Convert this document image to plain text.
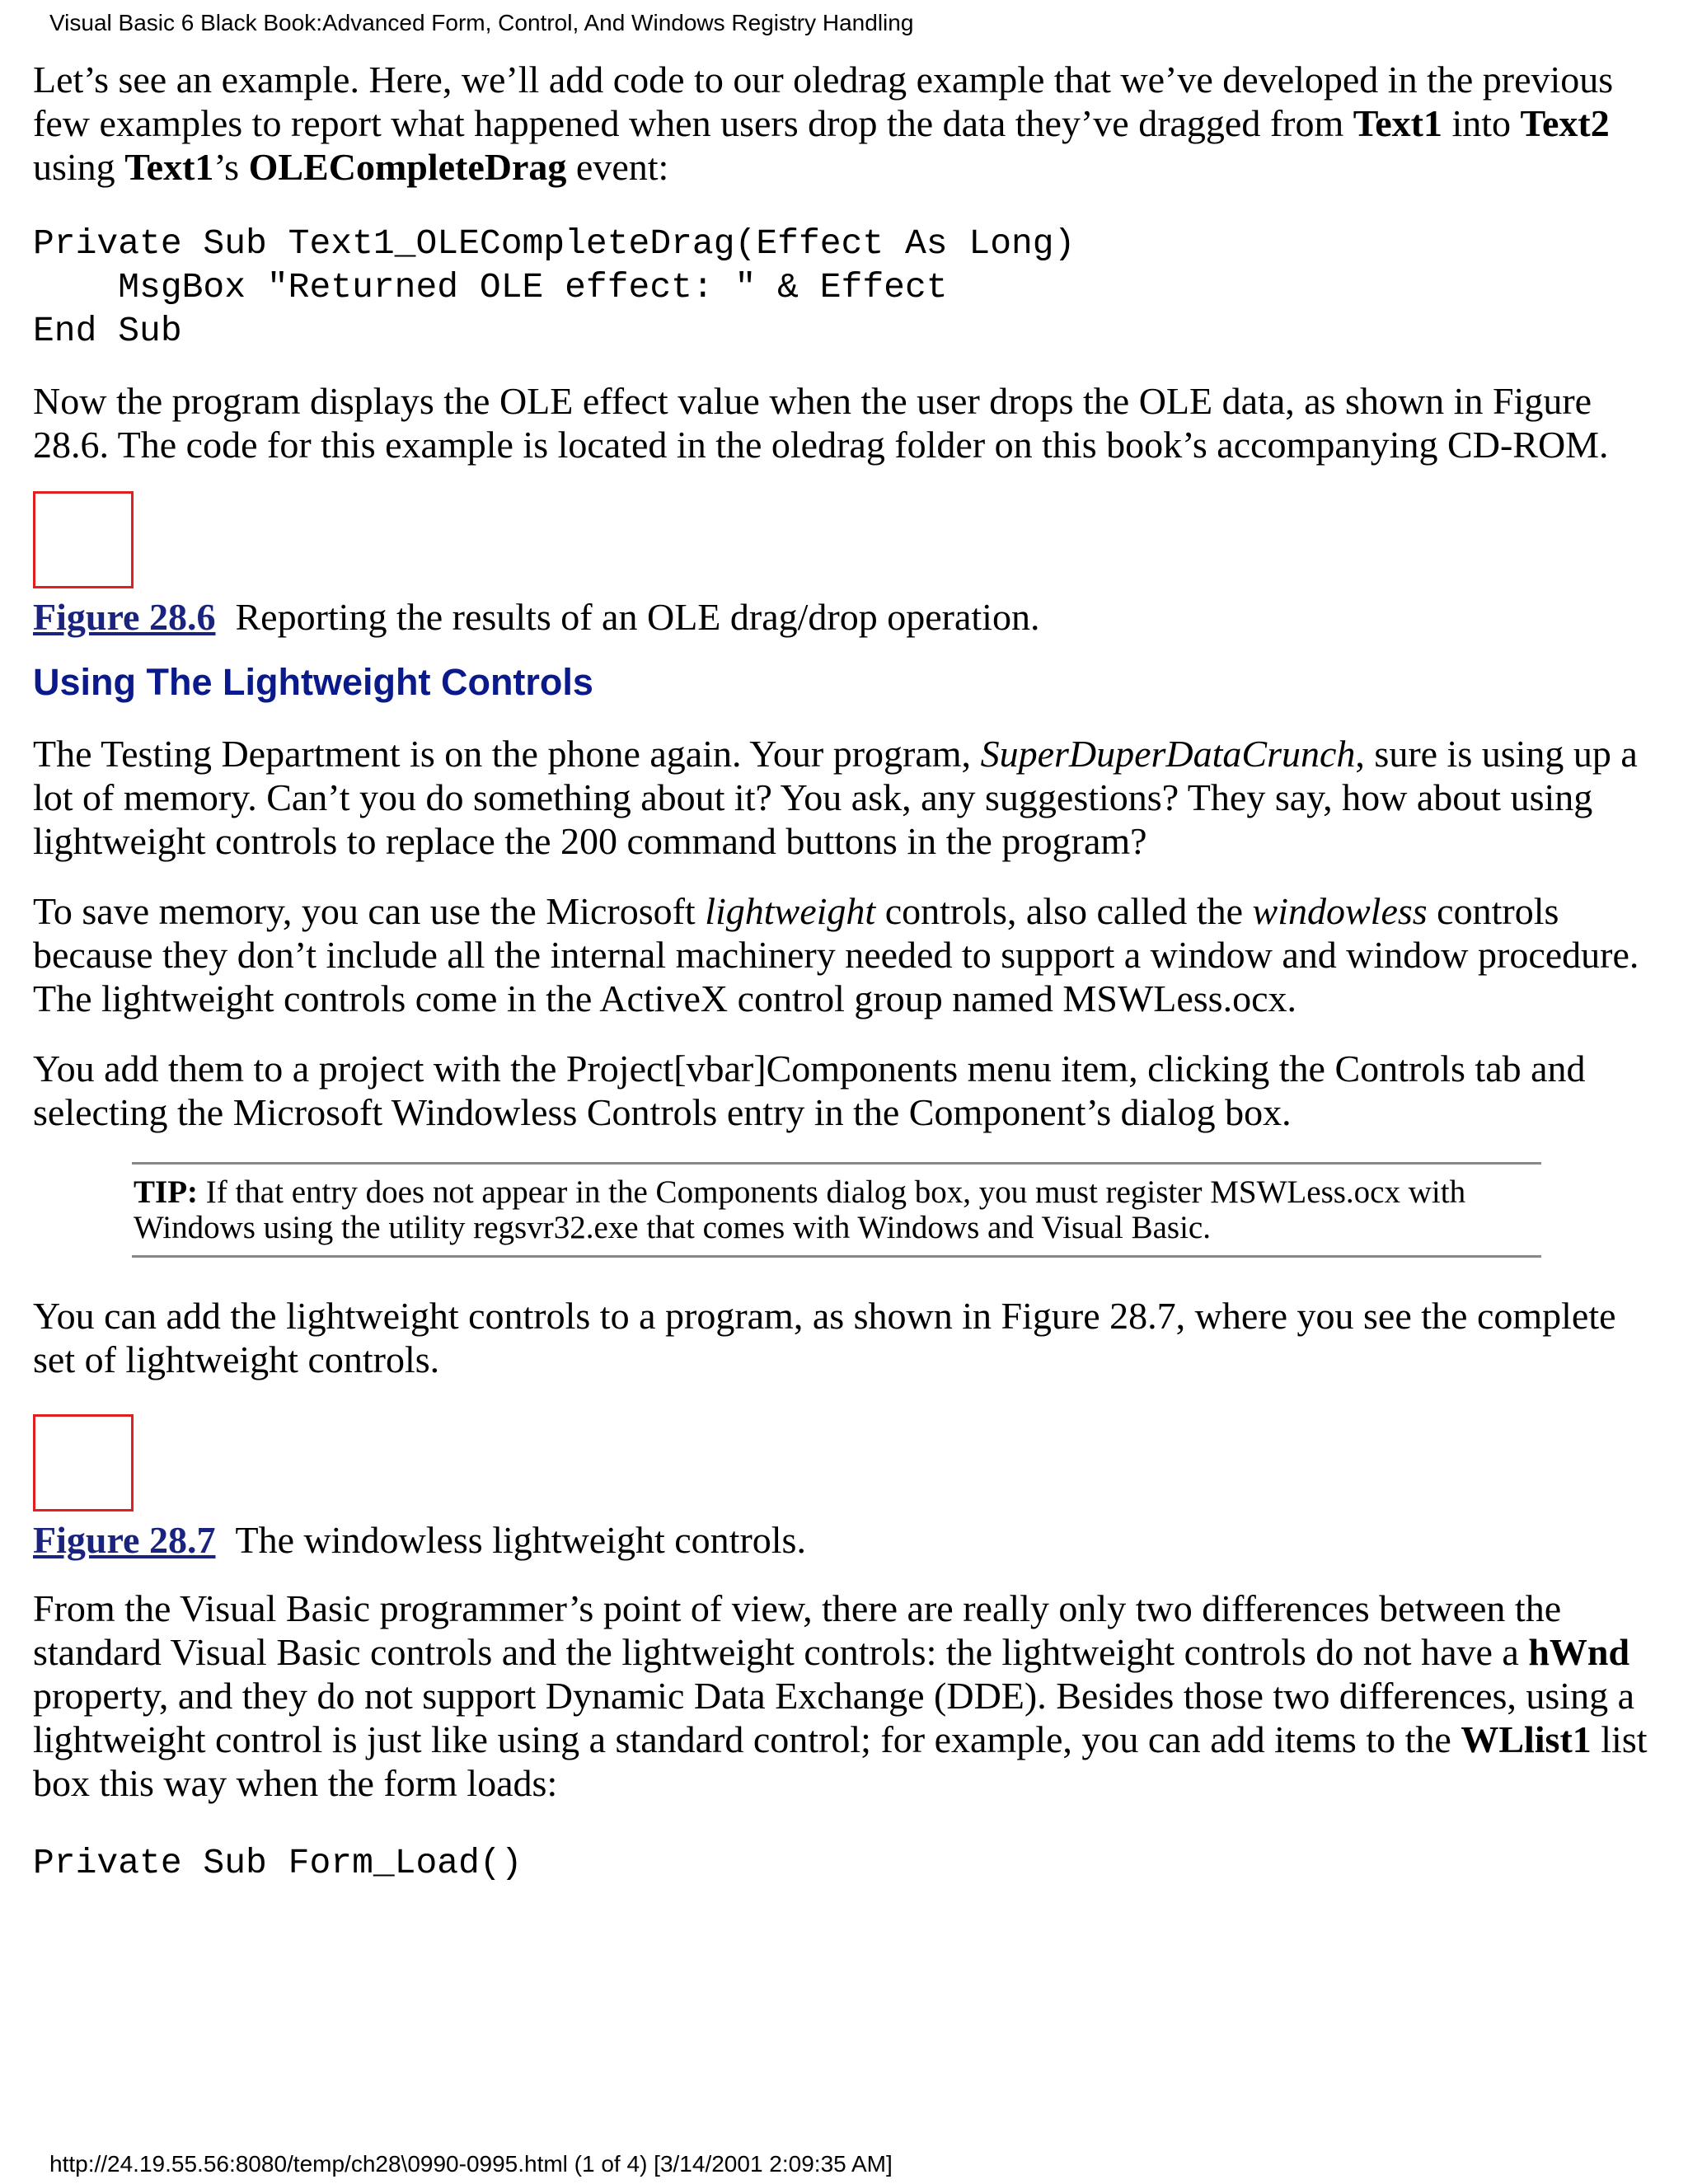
Visual Basic 6 Black Book:Advanced Form, Control, And Windows Registry Handling

Let’s see an example. Here, we’ll add code to our oledrag example that we’ve developed in the previous few examples to report what happened when users drop the data they’ve dragged from Text1 into Text2 using Text1’s OLECompleteDrag event:

Private Sub Text1_OLECompleteDrag(Effect As Long)
MsgBox "Returned OLE effect: " & Effect
End Sub

Now the program displays the OLE effect value when the user drops the OLE data, as shown in Figure 28.6. The code for this example is located in the oledrag folder on this book’s accompanying CD-ROM.

Figure 28.6 Reporting the results of an OLE drag/drop operation.

Using The Lightweight Controls

The Testing Department is on the phone again. Your program, SuperDuperDataCrunch, sure is using up a lot of memory. Can’t you do something about it? You ask, any suggestions? They say, how about using lightweight controls to replace the 200 command buttons in the program?

To save memory, you can use the Microsoft lightweight controls, also called the windowless controls because they don’t include all the internal machinery needed to support a window and window procedure. The lightweight controls come in the ActiveX control group named MSWLess.ocx.

You add them to a project with the Project[vbar]Components menu item, clicking the Controls tab and selecting the Microsoft Windowless Controls entry in the Component’s dialog box.

TIP: If that entry does not appear in the Components dialog box, you must register MSWLess.ocx with Windows using the utility regsvr32.exe that comes with Windows and Visual Basic.

You can add the lightweight controls to a program, as shown in Figure 28.7, where you see the complete set of lightweight controls.

Figure 28.7 The windowless lightweight controls.

From the Visual Basic programmer’s point of view, there are really only two differences between the standard Visual Basic controls and the lightweight controls: the lightweight controls do not have a hWnd property, and they do not support Dynamic Data Exchange (DDE). Besides those two differences, using a lightweight control is just like using a standard control; for example, you can add items to the WLlist1 list box this way when the form loads:

Private Sub Form_Load()
http://24.19.55.56:8080/temp/ch28\0990-0995.html (1 of 4) [3/14/2001 2:09:35 AM]
